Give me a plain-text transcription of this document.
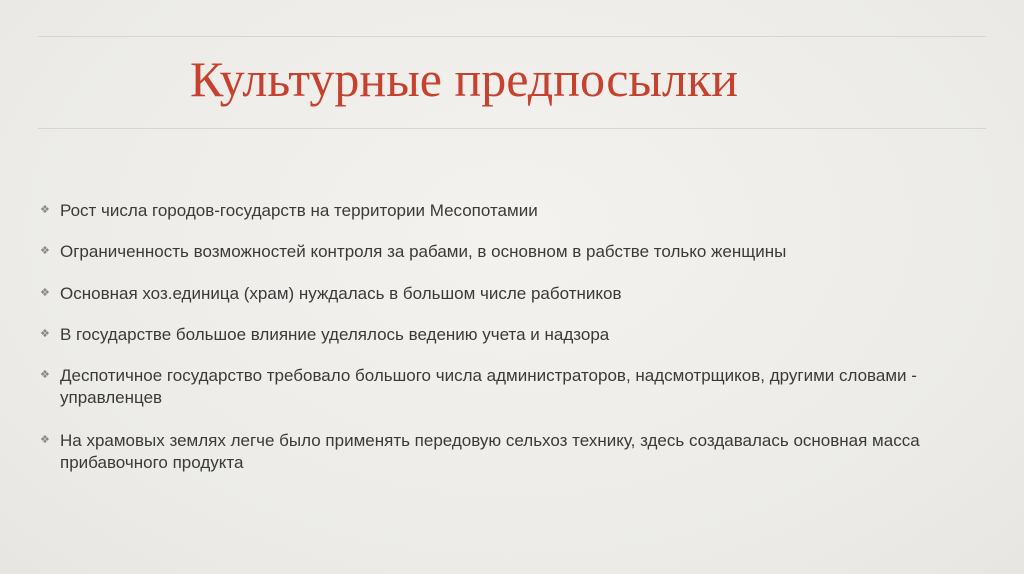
Культурные предпосылки
❖ Рост числа городов-государств на территории Месопотамии
❖ Ограниченность возможностей контроля за рабами, в основном в рабстве только женщины
❖ Основная хоз.единица (храм) нуждалась в большом числе работников
❖ В государстве большое влияние уделялось ведению учета и надзора
❖ Деспотичное государство требовало большого числа администраторов, надсмотрщиков, другими словами - управленцев
❖ На храмовых землях легче было применять передовую сельхоз технику, здесь создавалась основная масса прибавочного продукта
